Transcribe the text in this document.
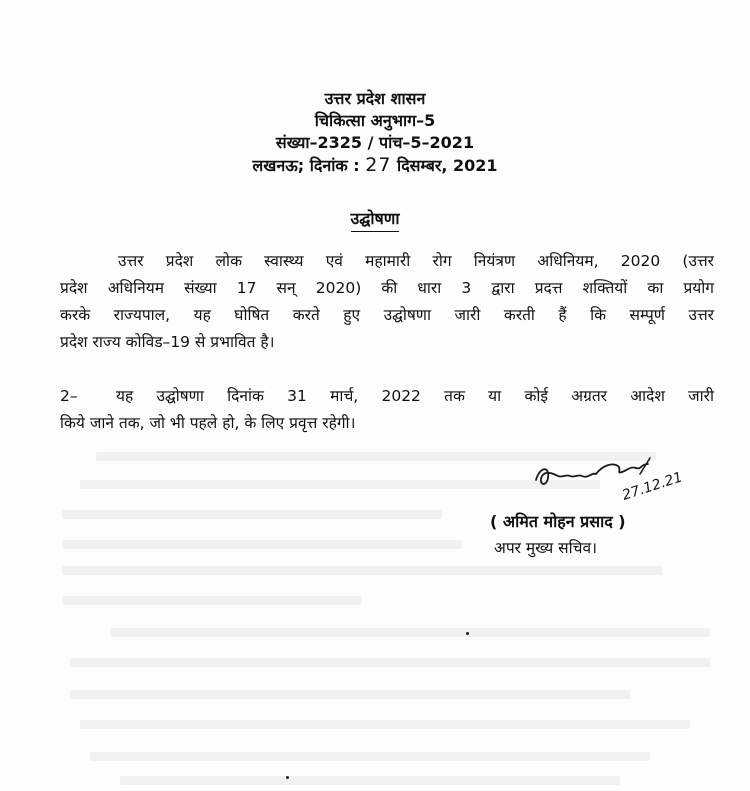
उत्तर प्रदेश शासन
चिकित्सा अनुभाग–5
संख्या–2325 / पांच–5–2021
लखनऊ; दिनांक : 27 दिसम्बर, 2021
उद्घोषणा
उत्तर प्रदेश लोक स्वास्थ्य एवं महामारी रोग नियंत्रण अधिनियम, 2020 (उत्तर
प्रदेश अधिनियम संख्या 17 सन् 2020) की धारा 3 द्वारा प्रदत्त शक्तियों का प्रयोग
करके राज्यपाल, यह घोषित करते हुए उद्घोषणा जारी करती हैं कि सम्पूर्ण उत्तर
प्रदेश राज्य कोविड–19 से प्रभावित है।
2–	यह उद्घोषणा दिनांक 31 मार्च, 2022 तक या कोई अग्रतर आदेश जारी
किये जाने तक, जो भी पहले हो, के लिए प्रवृत्त रहेगी।
27.12.21
( अमित मोहन प्रसाद )
अपर मुख्य सचिव।
